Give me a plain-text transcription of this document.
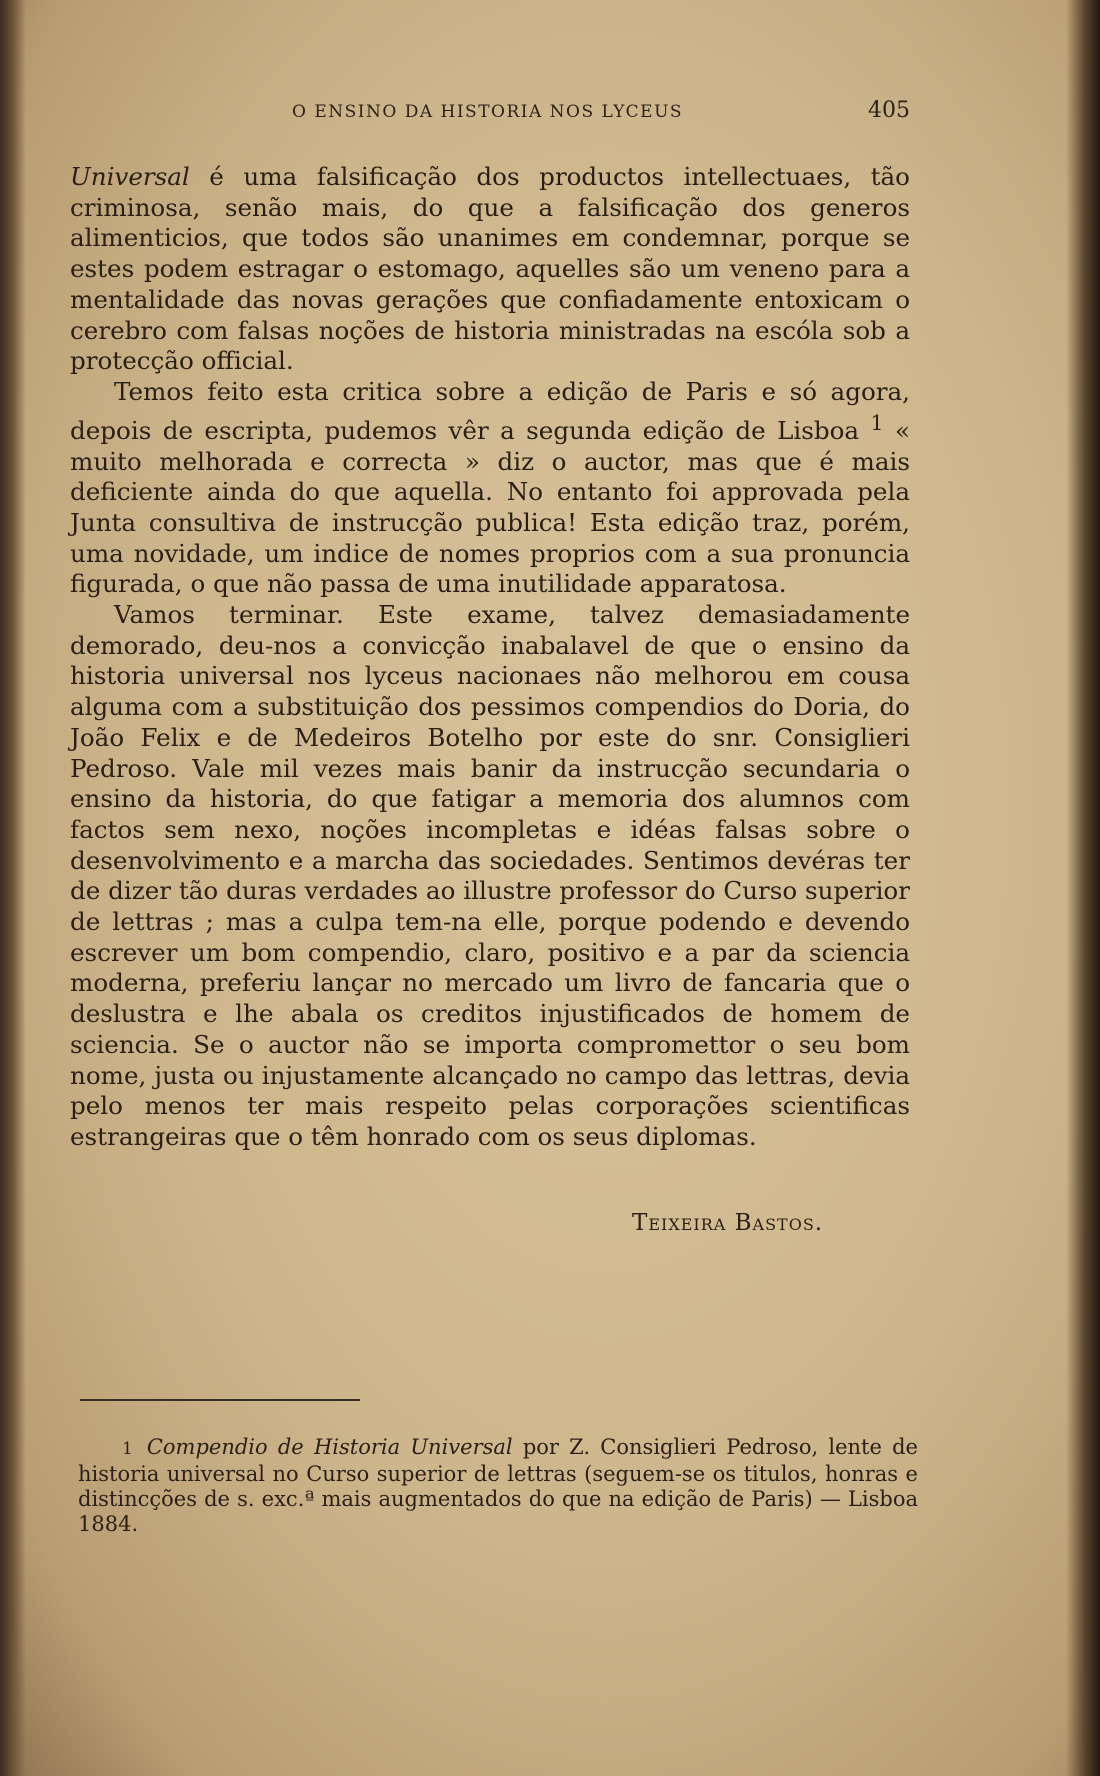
O ENSINO DA HISTORIA NOS LYCEUS	405

Universal é uma falsificação dos productos intellectuaes, tão criminosa, senão mais, do que a falsificação dos generos alimenticios, que todos são unanimes em condemnar, porque se estes podem estragar o estomago, aquelles são um veneno para a mentalidade das novas gerações que confiadamente entoxicam o cerebro com falsas noções de historia ministradas na escóla sob a protecção official.

Temos feito esta critica sobre a edição de Paris e só agora, depois de escripta, pudemos vêr a segunda edição de Lisboa $^1$ « muito melhorada e correcta » diz o auctor, mas que é mais deficiente ainda do que aquella. No entanto foi approvada pela Junta consultiva de instrucção publica! Esta edição traz, porém, uma novidade, um indice de nomes proprios com a sua pronuncia figurada, o que não passa de uma inutilidade apparatosa.

Vamos terminar. Este exame, talvez demasiadamente demorado, deu-nos a convicção inabalavel de que o ensino da historia universal nos lyceus nacionaes não melhorou em cousa alguma com a substituição dos pessimos compendios do Doria, do João Felix e de Medeiros Botelho por este do snr. Consiglieri Pedroso. Vale mil vezes mais banir da instrucção secundaria o ensino da historia, do que fatigar a memoria dos alumnos com factos sem nexo, noções incompletas e idéas falsas sobre o desenvolvimento e a marcha das sociedades. Sentimos devéras ter de dizer tão duras verdades ao illustre professor do Curso superior de lettras ; mas a culpa tem-na elle, porque podendo e devendo escrever um bom compendio, claro, positivo e a par da sciencia moderna, preferiu lançar no mercado um livro de fancaria que o deslustra e lhe abala os creditos injustificados de homem de sciencia. Se o auctor não se importa compromettor o seu bom nome, justa ou injustamente alcançado no campo das lettras, devia pelo menos ter mais respeito pelas corporações scientificas estrangeiras que o têm honrado com os seus diplomas.

Teixeira Bastos.

1 Compendio de Historia Universal por Z. Consiglieri Pedroso, lente de historia universal no Curso superior de lettras (seguem-se os titulos, honras e distincções de s. exc.ª mais augmentados do que na edição de Paris) — Lisboa 1884.
